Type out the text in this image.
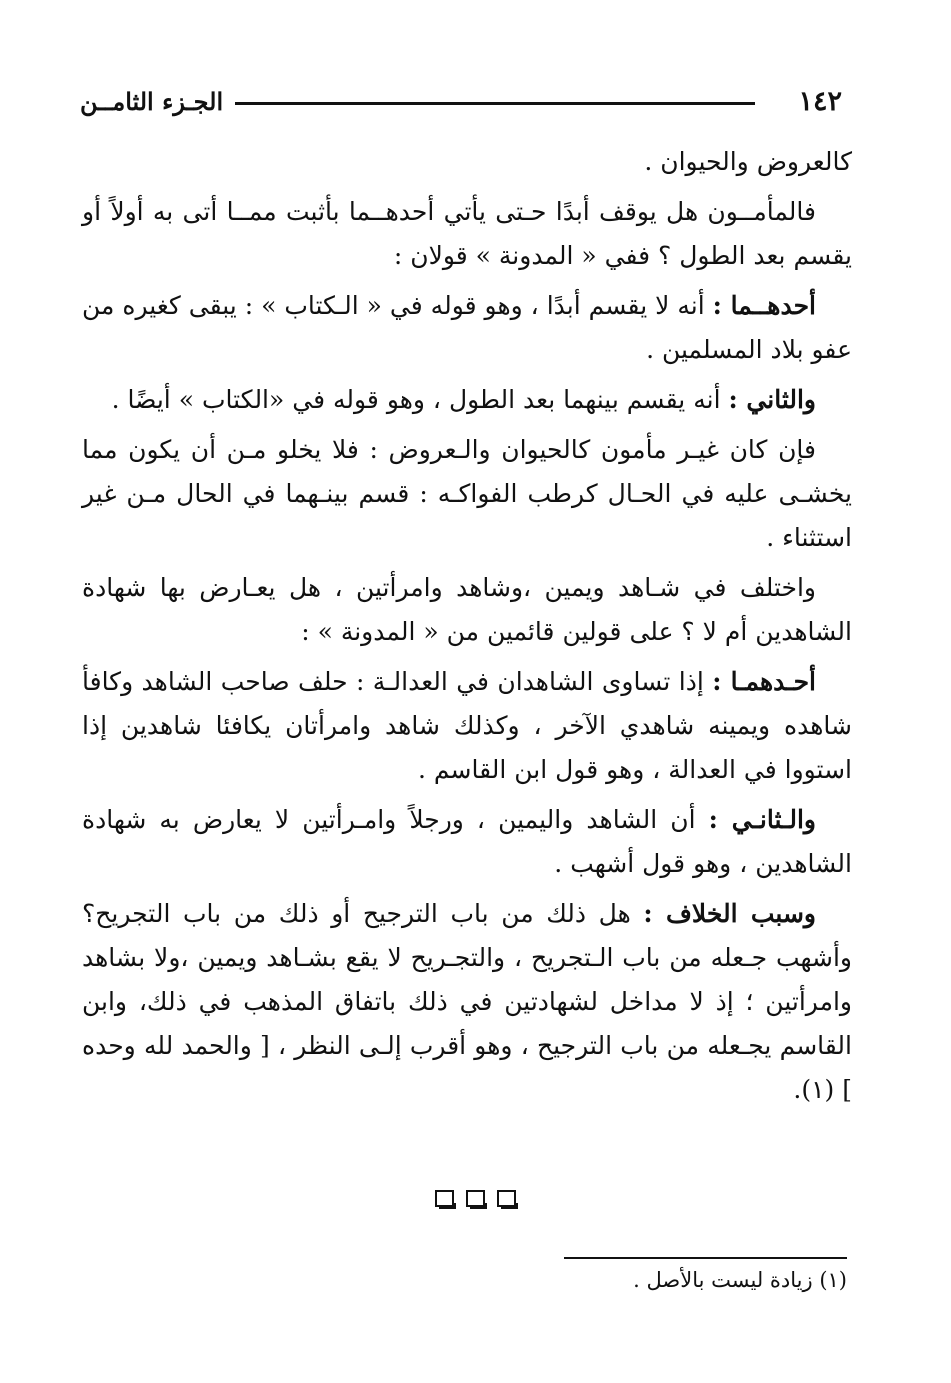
١٤٢
الجـزء الثامــن

كالعروض والحيوان .

فالمأمــون هل يوقف أبدًا حـتى يأتي أحدهــما بأثبت ممــا أتى به أولاً أو يقسم بعد الطول ؟ ففي « المدونة » قولان :

أحدهــما : أنه لا يقسم أبدًا ، وهو قوله في « الـكتاب » : يبقى كغيره من عفو بلاد المسلمين .

والثاني : أنه يقسم بينهما بعد الطول ، وهو قوله في «الكتاب » أيضًا .

فإن كان غيـر مأمون كالحيوان والـعروض : فلا يخلو مـن أن يكون مما يخشـى عليه في الحـال كرطب الفواكـه : قسم بينـهما في الحال مـن غير استثناء .

واختلف في شـاهد ويمين ،وشاهد وامرأتين ، هل يعـارض بها شهادة الشاهدين أم لا ؟ على قولين قائمين من « المدونة » :

أحـدهمـا : إذا تساوى الشاهدان في العدالـة : حلف صاحب الشاهد وكافأ شاهده ويمينه شاهدي الآخر ، وكذلك شاهد وامرأتان يكافئا شاهدين إذا استووا في العدالة ، وهو قول ابن القاسم .

والـثانـي : أن الشاهد واليمين ، ورجلاً وامـرأتين لا يعارض به شهادة الشاهدين ، وهو قول أشهب .

وسبب الخلاف : هل ذلك من باب الترجيح أو ذلك من باب التجريح؟ وأشهب جـعله من باب الـتجريح ، والتجـريح لا يقع بشـاهد ويمين ،ولا بشاهد وامرأتين ؛ إذ لا مداخل لشهادتين في ذلك باتفاق المذهب في ذلك، وابن القاسم يجـعله من باب الترجيح ، وهو أقرب إلـى النظر ، [ والحمد لله وحده ] (١).

(١) زيادة ليست بالأصل .
